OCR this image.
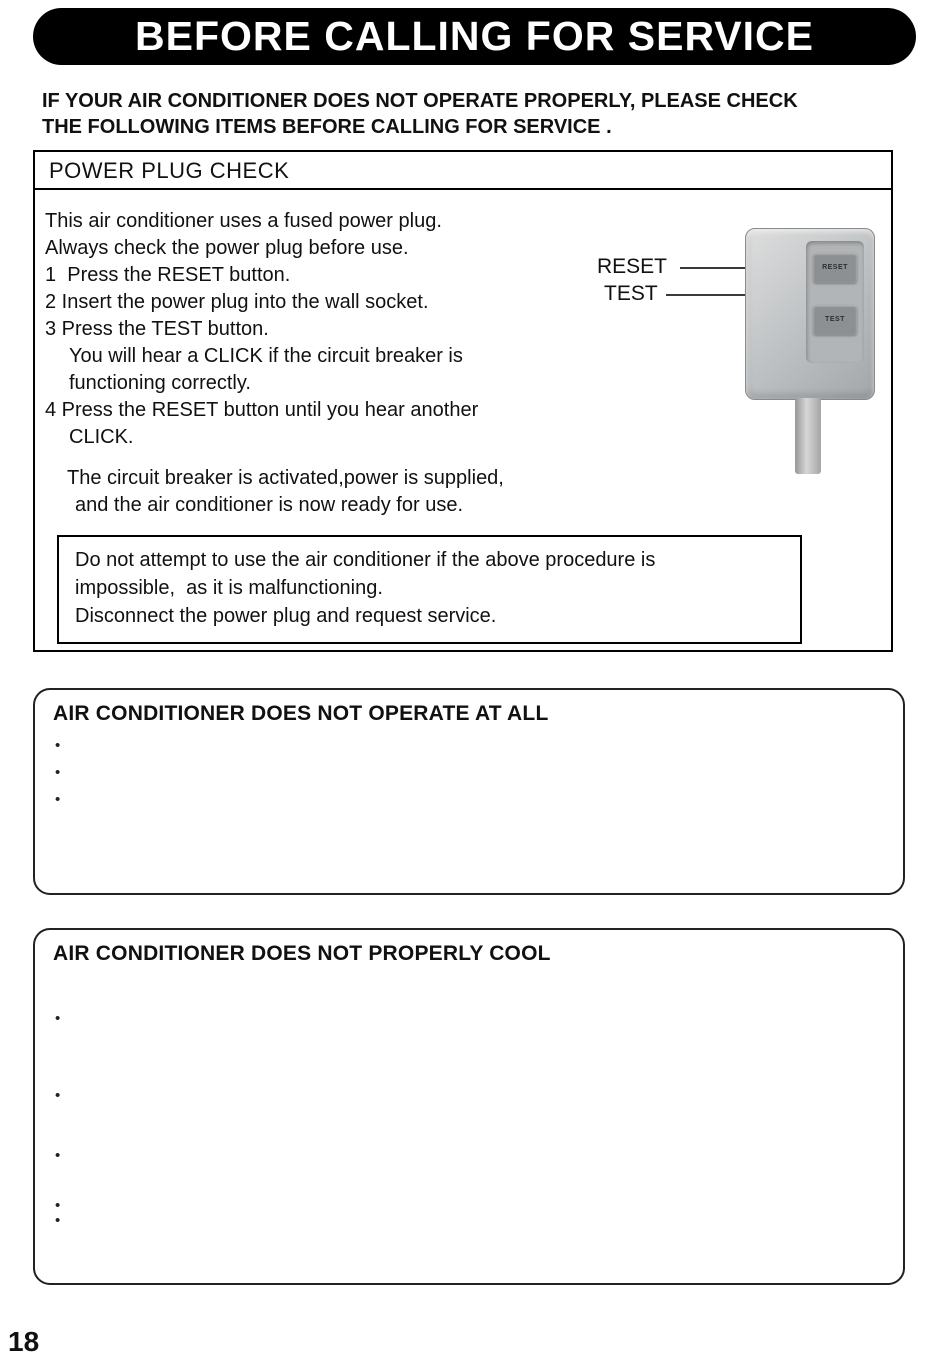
BEFORE CALLING FOR SERVICE
IF YOUR AIR CONDITIONER DOES NOT OPERATE PROPERLY, PLEASE CHECK
THE FOLLOWING ITEMS BEFORE CALLING FOR SERVICE .
POWER PLUG CHECK
This air conditioner uses a fused power plug.
Always check the power plug before use.
1  Press the RESET button.
2 Insert the power plug into the wall socket.
3 Press the TEST button.
You will hear a CLICK if the circuit breaker is
functioning correctly.
4 Press the RESET button until you hear another
CLICK.
The circuit breaker is activated,power is supplied,
and the air conditioner is now ready for use.
Do not attempt to use the air conditioner if the above procedure is
impossible,  as it is malfunctioning.
Disconnect the power plug and request service.
RESET
TEST
RESET
TEST
AIR CONDITIONER DOES NOT OPERATE AT ALL
•
•
•
AIR CONDITIONER DOES NOT PROPERLY COOL
•
•
•
•
•
18
